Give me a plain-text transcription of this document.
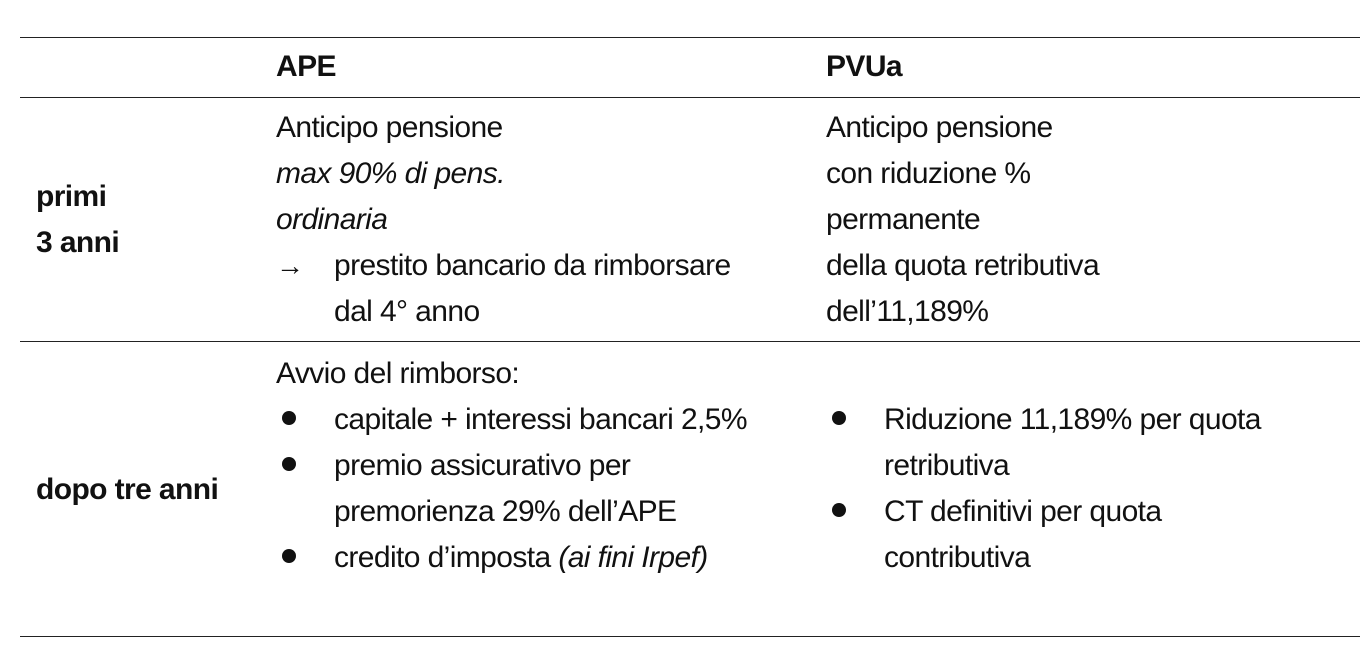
APE	PVUa
primi
3 anni
Anticipo pensione
max 90% di pens.
ordinaria
→	prestito bancario da rimborsare
dal 4° anno
Anticipo pensione
con riduzione %
permanente
della quota retributiva
dell’11,189%
dopo tre anni
Avvio del rimborso:
capitale + interessi bancari 2,5%
premio assicurativo per
premorienza 29% dell’APE
credito d’imposta (ai fini Irpef)
Riduzione 11,189% per quota
retributiva
CT definitivi per quota
contributiva
